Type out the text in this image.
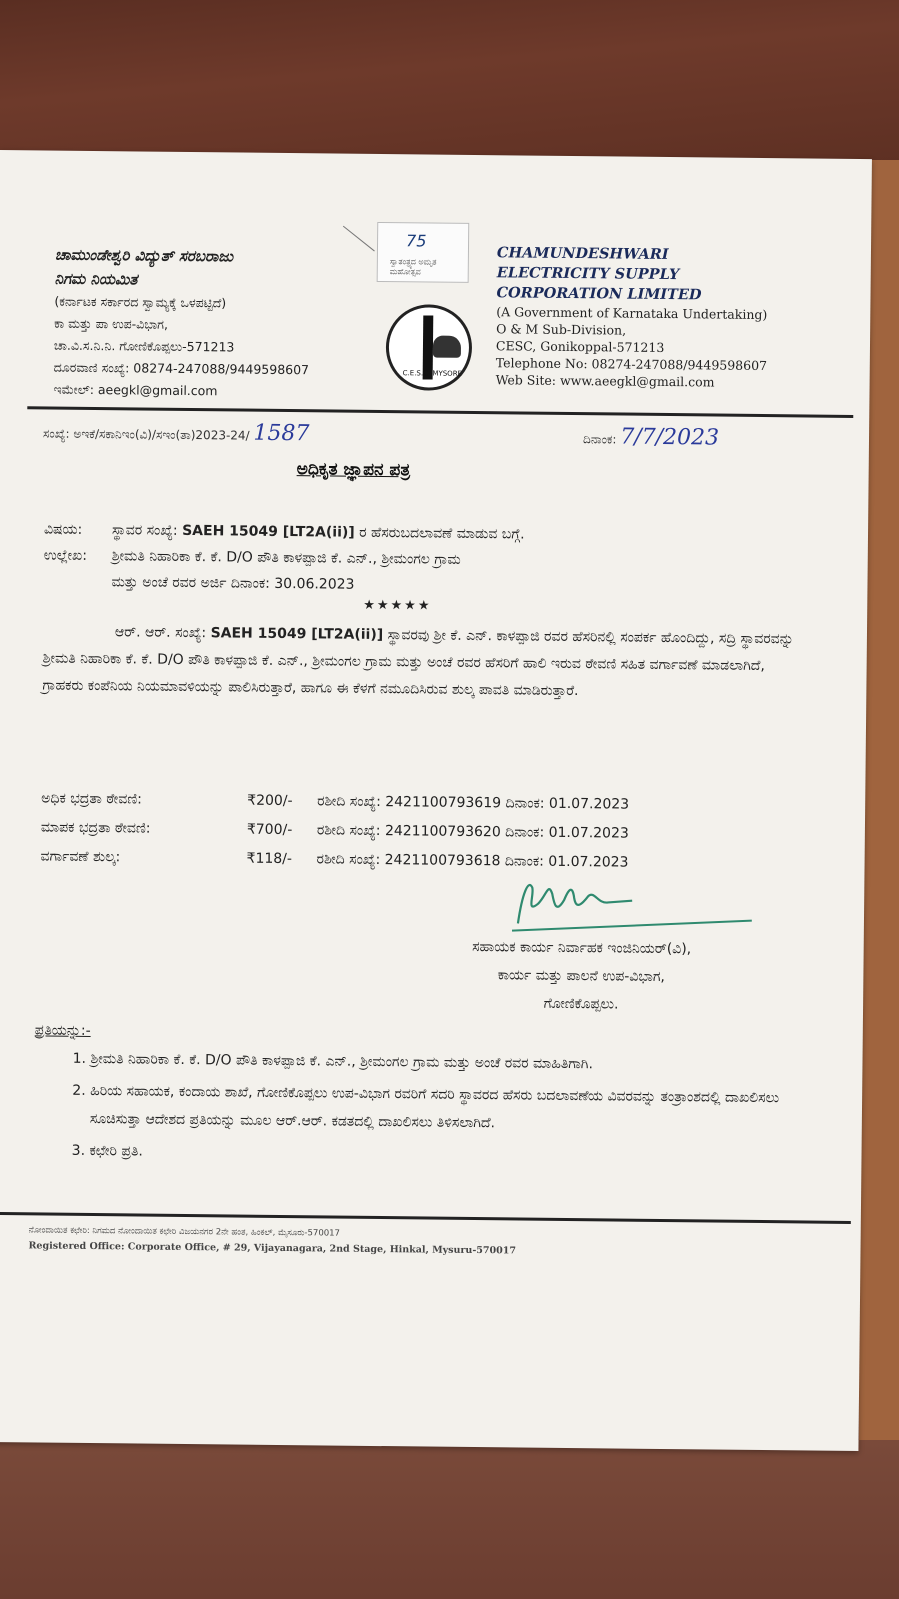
ಚಾಮುಂಡೇಶ್ವರಿ ವಿದ್ಯುತ್ ಸರಬರಾಜು
ನಿಗಮ ನಿಯಮಿತ
(ಕರ್ನಾಟಕ ಸರ್ಕಾರದ ಸ್ವಾಮ್ಯಕ್ಕೆ ಒಳಪಟ್ಟಿದೆ)
ಕಾ ಮತ್ತು ಪಾ ಉಪ-ವಿಭಾಗ,
ಚಾ.ವಿ.ಸ.ನಿ.ನಿ. ಗೋಣಿಕೊಪ್ಪಲು-571213
ದೂರವಾಣಿ ಸಂಖ್ಯೆ: 08274-247088/9449598607
ಇಮೇಲ್: aeegkl@gmail.com
75
ಸ್ವಾತಂತ್ರ್ಯದ ಅಮೃತ ಮಹೋತ್ಸವ
C.E.S.C. MYSORE
CHAMUNDESHWARI
ELECTRICITY SUPPLY
CORPORATION LIMITED
(A Government of Karnataka Undertaking)
O & M Sub-Division,
CESC, Gonikoppal-571213
Telephone No: 08274-247088/9449598607
Web Site: www.aeegkl@gmail.com
ಸಂಖ್ಯೆ: ಅಇಕೆ/ಸಕಾನಿಇಂ(ವಿ)/ಸಇಂ(ತಾ)2023-24/ 1587	ದಿನಾಂಕ: 7/7/2023
ಅಧಿಕೃತ ಜ್ಞಾಪನ ಪತ್ರ
ವಿಷಯ: ಸ್ಥಾವರ ಸಂಖ್ಯೆ: SAEH 15049 [LT2A(ii)] ರ ಹೆಸರುಬದಲಾವಣೆ ಮಾಡುವ ಬಗ್ಗೆ.
ಉಲ್ಲೇಖ: ಶ್ರೀಮತಿ ನಿಹಾರಿಕಾ ಕೆ. ಕೆ. D/O ಪೌತಿ ಕಾಳಪ್ಪಾಜಿ ಕೆ. ಎನ್., ಶ್ರೀಮಂಗಲ ಗ್ರಾಮ
ಮತ್ತು ಅಂಚೆ ರವರ ಅರ್ಜಿ ದಿನಾಂಕ: 30.06.2023
★★★★★
ಆರ್. ಆರ್. ಸಂಖ್ಯೆ: SAEH 15049 [LT2A(ii)] ಸ್ಥಾವರವು ಶ್ರೀ ಕೆ. ಎನ್. ಕಾಳಪ್ಪಾಜಿ ರವರ ಹೆಸರಿನಲ್ಲಿ ಸಂಪರ್ಕ ಹೊಂದಿದ್ದು, ಸದ್ರಿ ಸ್ಥಾವರವನ್ನು ಶ್ರೀಮತಿ ನಿಹಾರಿಕಾ ಕೆ. ಕೆ. D/O ಪೌತಿ ಕಾಳಪ್ಪಾಜಿ ಕೆ. ಎನ್., ಶ್ರೀಮಂಗಲ ಗ್ರಾಮ ಮತ್ತು ಅಂಚೆ ರವರ ಹೆಸರಿಗೆ ಹಾಲಿ ಇರುವ ಠೇವಣಿ ಸಹಿತ ವರ್ಗಾವಣೆ ಮಾಡಲಾಗಿದೆ, ಗ್ರಾಹಕರು ಕಂಪೆನಿಯ ನಿಯಮಾವಳಿಯನ್ನು ಪಾಲಿಸಿರುತ್ತಾರೆ, ಹಾಗೂ ಈ ಕೆಳಗೆ ನಮೂದಿಸಿರುವ ಶುಲ್ಕ ಪಾವತಿ ಮಾಡಿರುತ್ತಾರೆ.
ಅಧಿಕ ಭದ್ರತಾ ಠೇವಣಿ:	₹200/- ರಶೀದಿ ಸಂಖ್ಯೆ: 242110079361​9 ದಿನಾಂಕ: 01.07.2023
ಮಾಪಕ ಭದ್ರತಾ ಠೇವಣಿ:	₹700/- ರಶೀದಿ ಸಂಖ್ಯೆ: 2421100793620 ದಿನಾಂಕ: 01.07.2023
ವರ್ಗಾವಣೆ ಶುಲ್ಕ:	₹118/- ರಶೀದಿ ಸಂಖ್ಯೆ: 2421100793618 ದಿನಾಂಕ: 01.07.2023
ಸಹಾಯಕ ಕಾರ್ಯ ನಿರ್ವಾಹಕ ಇಂಜಿನಿಯರ್(ವಿ),
ಕಾರ್ಯ ಮತ್ತು ಪಾಲನೆ ಉಪ-ವಿಭಾಗ,
ಗೋಣಿಕೊಪ್ಪಲು.
ಪ್ರತಿಯನ್ನು:-
1. ಶ್ರೀಮತಿ ನಿಹಾರಿಕಾ ಕೆ. ಕೆ. D/O ಪೌತಿ ಕಾಳಪ್ಪಾಜಿ ಕೆ. ಎನ್., ಶ್ರೀಮಂಗಲ ಗ್ರಾಮ ಮತ್ತು ಅಂಚೆ ರವರ ಮಾಹಿತಿಗಾಗಿ.
2. ಹಿರಿಯ ಸಹಾಯಕ, ಕಂದಾಯ ಶಾಖೆ, ಗೋಣಿಕೊಪ್ಪಲು ಉಪ-ವಿಭಾಗ ರವರಿಗೆ ಸದರಿ ಸ್ಥಾವರದ ಹೆಸರು ಬದಲಾವಣೆಯ ವಿವರವನ್ನು ತಂತ್ರಾಂಶದಲ್ಲಿ ದಾಖಲಿಸಲು ಸೂಚಿಸುತ್ತಾ ಆದೇಶದ ಪ್ರತಿಯನ್ನು ಮೂಲ ಆರ್.ಆರ್. ಕಡತದಲ್ಲಿ ದಾಖಲಿಸಲು ತಿಳಿಸಲಾಗಿದೆ.
3. ಕಛೇರಿ ಪ್ರತಿ.
ನೋಂದಾಯಿತ ಕಛೇರಿ: ನಿಗಮದ ನೋಂದಾಯಿತ ಕಛೇರಿ ವಿಜಯನಗರ 2ನೇ ಹಂತ, ಹಿಂಕಲ್, ಮೈಸೂರು-570017
Registered Office: Corporate Office, # 29, Vijayanagara, 2nd Stage, Hinkal, Mysuru-570017
